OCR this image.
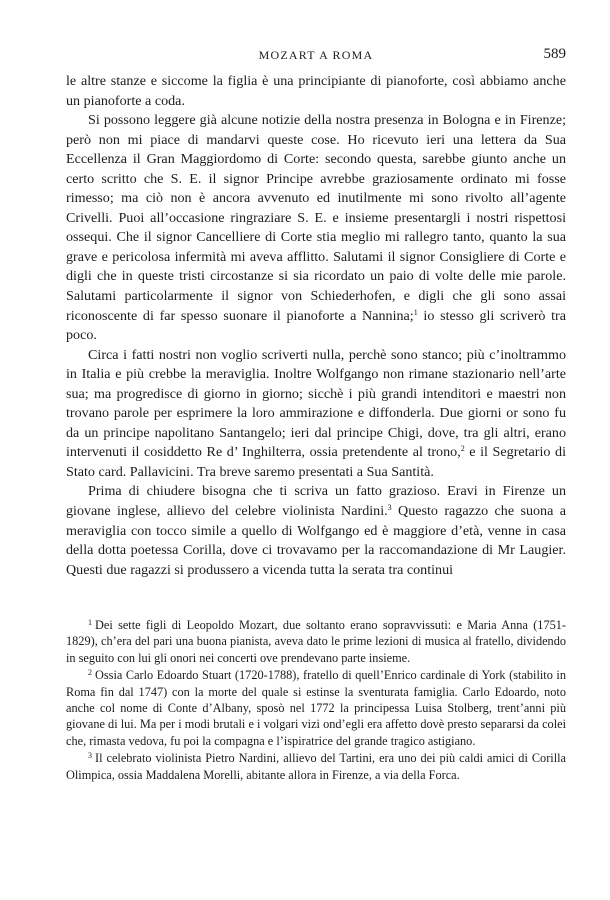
MOZART A ROMA	589

le altre stanze e siccome la figlia è una principiante di pianoforte, così abbiamo anche un pianoforte a coda.

Si possono leggere già alcune notizie della nostra presenza in Bologna e in Firenze; però non mi piace di mandarvi queste cose. Ho ricevuto ieri una lettera da Sua Eccellenza il Gran Maggiordomo di Corte: secondo questa, sarebbe giunto anche un certo scritto che S. E. il signor Principe avrebbe graziosamente ordinato mi fosse rimesso; ma ciò non è ancora avvenuto ed inutilmente mi sono rivolto all’agente Crivelli. Puoi all’occasione ringraziare S. E. e insieme presentargli i nostri rispettosi ossequi. Che il signor Cancelliere di Corte stia meglio mi rallegro tanto, quanto la sua grave e pericolosa infermità mi aveva afflitto. Salutami il signor Consigliere di Corte e digli che in queste tristi circostanze si sia ricordato un paio di volte delle mie parole. Salutami particolarmente il signor von Schiederhofen, e digli che gli sono assai riconoscente di far spesso suonare il pianoforte a Nannina;$^1$ io stesso gli scriverò tra poco.

Circa i fatti nostri non voglio scriverti nulla, perchè sono stanco; più c’inoltrammo in Italia e più crebbe la meraviglia. Inoltre Wolfgango non rimane stazionario nell’arte sua; ma progredisce di giorno in giorno; sicchè i più grandi intenditori e maestri non trovano parole per esprimere la loro ammirazione e diffonderla. Due giorni or sono fu da un principe napolitano Santangelo; ieri dal principe Chigi, dove, tra gli altri, erano intervenuti il cosiddetto Re d’ Inghilterra, ossia pretendente al trono,$^2$ e il Segretario di Stato card. Pallavicini. Tra breve saremo presentati a Sua Santità.

Prima di chiudere bisogna che ti scriva un fatto grazioso. Eravi in Firenze un giovane inglese, allievo del celebre violinista Nardini.$^3$ Questo ragazzo che suona a meraviglia con tocco simile a quello di Wolfgango ed è maggiore d’età, venne in casa della dotta poetessa Corilla, dove ci trovavamo per la raccomandazione di Mr Laugier. Questi due ragazzi si produssero a vicenda tutta la serata tra continui

$^1$ Dei sette figli di Leopoldo Mozart, due soltanto erano sopravvissuti: e Maria Anna (1751-1829), ch’era del pari una buona pianista, aveva dato le prime lezioni di musica al fratello, dividendo in seguito con lui gli onori nei concerti ove prendevano parte insieme.

$^2$ Ossia Carlo Edoardo Stuart (1720-1788), fratello di quell’Enrico cardinale di York (stabilito in Roma fin dal 1747) con la morte del quale si estinse la sventurata famiglia. Carlo Edoardo, noto anche col nome di Conte d’Albany, sposò nel 1772 la principessa Luisa Stolberg, trent’anni più giovane di lui. Ma per i modi brutali e i volgari vizi ond’egli era affetto dovè presto separarsi da colei che, rimasta vedova, fu poi la compagna e l’ispiratrice del grande tragico astigiano.

$^3$ Il celebrato violinista Pietro Nardini, allievo del Tartini, era uno dei più caldi amici di Corilla Olimpica, ossia Maddalena Morelli, abitante allora in Firenze, a via della Forca.
